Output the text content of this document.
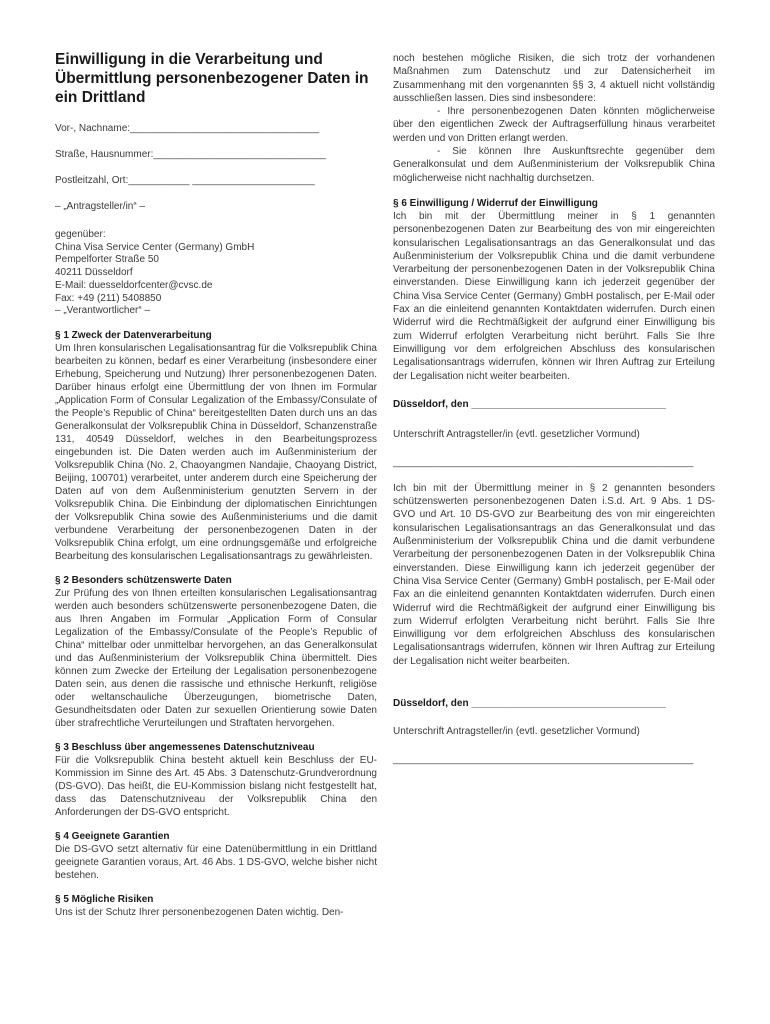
Einwilligung in die Verarbeitung und Übermittlung personenbezogener Daten in ein Drittland
Vor-, Nachname:__________________________________
Straße, Hausnummer:_______________________________
Postleitzahl, Ort:___________ ______________________
– „Antragsteller/in“ –
gegenüber:
China Visa Service Center (Germany) GmbH
Pempelforter Straße 50
40211 Düsseldorf
E-Mail: duesseldorfcenter@cvsc.de
Fax: +49 (211) 5408850
– „Verantwortlicher“ –
§ 1 Zweck der Datenverarbeitung

Um Ihren konsularischen Legalisationsantrag für die Volksrepublik China bearbeiten zu können, bedarf es einer Verarbeitung (insbesondere einer Erhebung, Speicherung und Nutzung) Ihrer personenbezogenen Daten. Darüber hinaus erfolgt eine Übermittlung der von Ihnen im Formular „Application Form of Consular Legalization of the Embassy/Consulate of the People’s Republic of China“ bereitgestellten Daten durch uns an das Generalkonsulat der Volksrepublik China in Düsseldorf, Schanzenstraße 131, 40549 Düsseldorf, welches in den Bearbeitungsprozess eingebunden ist. Die Daten werden auch im Außenministerium der Volksrepublik China (No. 2, Chaoyangmen Nandajie, Chaoyang District, Beijing, 100701) verarbeitet, unter anderem durch eine Speicherung der Daten auf von dem Außenministerium genutzten Servern in der Volksrepublik China. Die Einbindung der diplomatischen Einrichtungen der Volksrepublik China sowie des Außenministeriums und die damit verbundene Verarbeitung der personenbezogenen Daten in der Volksrepublik China erfolgt, um eine ordnungsgemäße und erfolgreiche Bearbeitung des konsularischen Legalisationsantrags zu gewährleisten.

§ 2 Besonders schützenswerte Daten

Zur Prüfung des von Ihnen erteilten konsularischen Legalisationsantrag werden auch besonders schützenswerte personenbezogene Daten, die aus Ihren Angaben im Formular „Application Form of Consular Legalization of the Embassy/Consulate of the People’s Republic of China“ mittelbar oder unmittelbar hervorgehen, an das Generalkonsulat und das Außenministerium der Volksrepublik China übermittelt. Dies können zum Zwecke der Erteilung der Legalisation personenbezogene Daten sein, aus denen die rassische und ethnische Herkunft, religiöse oder weltanschauliche Überzeugungen, biometrische Daten, Gesundheitsdaten oder Daten zur sexuellen Orientierung sowie Daten über strafrechtliche Verurteilungen und Straftaten hervorgehen.

§ 3 Beschluss über angemessenes Datenschutzniveau

Für die Volksrepublik China besteht aktuell kein Beschluss der EU-Kommission im Sinne des Art. 45 Abs. 3 Datenschutz-Grundverordnung (DS-GVO). Das heißt, die EU-Kommission bislang nicht festgestellt hat, dass das Datenschutzniveau der Volksrepublik China den Anforderungen der DS-GVO entspricht.

§ 4 Geeignete Garantien

Die DS-GVO setzt alternativ für eine Datenübermittlung in ein Drittland geeignete Garantien voraus, Art. 46 Abs. 1 DS-GVO, welche bisher nicht bestehen.

§ 5 Mögliche Risiken

Uns ist der Schutz Ihrer personenbezogenen Daten wichtig. Den-

noch bestehen mögliche Risiken, die sich trotz der vorhandenen Maßnahmen zum Datenschutz und zur Datensicherheit im Zusammenhang mit den vorgenannten §§ 3, 4 aktuell nicht vollständig ausschließen lassen. Dies sind insbesondere:

- Ihre personenbezogenen Daten könnten möglicherweise über den eigentlichen Zweck der Auftragserfüllung hinaus verarbeitet werden und von Dritten erlangt werden.

- Sie können Ihre Auskunftsrechte gegenüber dem Generalkonsulat und dem Außenministerium der Volksrepublik China möglicherweise nicht nachhaltig durchsetzen.

§ 6 Einwilligung / Widerruf der Einwilligung

Ich bin mit der Übermittlung meiner in § 1 genannten personenbezogenen Daten zur Bearbeitung des von mir eingereichten konsularischen Legalisationsantrags an das Generalkonsulat und das Außenministerium der Volksrepublik China und die damit verbundene Verarbeitung der personenbezogenen Daten in der Volksrepublik China einverstanden. Diese Einwilligung kann ich jederzeit gegenüber der China Visa Service Center (Germany) GmbH postalisch, per E-Mail oder Fax an die einleitend genannten Kontaktdaten widerrufen. Durch einen Widerruf wird die Rechtmäßigkeit der aufgrund einer Einwilligung bis zum Widerruf erfolgten Verarbeitung nicht berührt. Falls Sie Ihre Einwilligung vor dem erfolgreichen Abschluss des konsularischen Legalisationsantrags widerrufen, können wir Ihren Auftrag zur Erteilung der Legalisation nicht weiter bearbeiten.

Düsseldorf, den ___________________________________
Unterschrift Antragsteller/in (evtl. gesetzlicher Vormund)
______________________________________________________

Ich bin mit der Übermittlung meiner in § 2 genannten besonders schützenswerten personenbezogenen Daten i.S.d. Art. 9 Abs. 1 DS-GVO und Art. 10 DS-GVO zur Bearbeitung des von mir eingereichten konsularischen Legalisationsantrags an das Generalkonsulat und das Außenministerium der Volksrepublik China und die damit verbundene Verarbeitung der personenbezogenen Daten in der Volksrepublik China einverstanden. Diese Einwilligung kann ich jederzeit gegenüber der China Visa Service Center (Germany) GmbH postalisch, per E-Mail oder Fax an die einleitend genannten Kontaktdaten widerrufen. Durch einen Widerruf wird die Rechtmäßigkeit der aufgrund einer Einwilligung bis zum Widerruf erfolgten Verarbeitung nicht berührt. Falls Sie Ihre Einwilligung vor dem erfolgreichen Abschluss des konsularischen Legalisationsantrags widerrufen, können wir Ihren Auftrag zur Erteilung der Legalisation nicht weiter bearbeiten.

Düsseldorf, den ___________________________________
Unterschrift Antragsteller/in (evtl. gesetzlicher Vormund)
______________________________________________________
